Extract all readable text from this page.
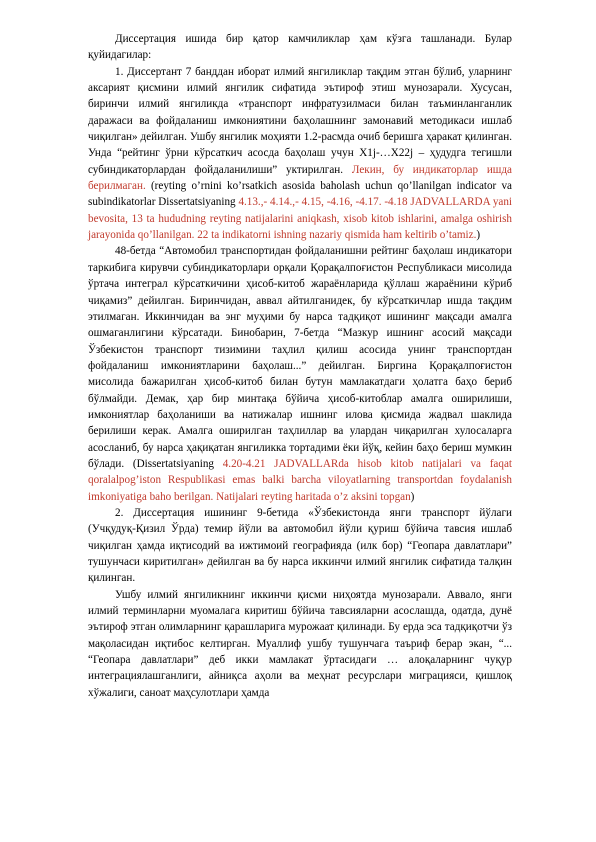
Диссертация ишида бир қатор камчиликлар ҳам кўзга ташланади. Булар қуйидагилар:

1. Диссертант 7 банддан иборат илмий янгиликлар тақдим этган бўлиб, уларнинг аксарият қисмини илмий янгилик сифатида эътироф этиш мунозарали. Хусусан, биринчи илмий янгиликда «транспорт инфратузилмаси билан таъминланганлик даражаси ва фойдаланиш имкониятини баҳолашнинг замонавий методикаси ишлаб чиқилган» дейилган. Ушбу янгилик моҳияти 1.2-расмда очиб беришга ҳаракат қилинган. Унда “рейтинг ўрни кўрсаткич асосда баҳолаш учун X1j-…X22j – ҳудудга тегишли субиндикаторлардан фойдаланилиши” уктирилган. Лекин, бу индикаторлар ишда берилмаган. (reyting o’rnini ko’rsatkich asosida baholash uchun qo’llanilgan indicator va subindikatorlar Dissertatsiyaning 4.13.,- 4.14.,- 4.15, -4.16, -4.17. -4.18 JADVALLARDA yani bevosita, 13 ta hududning reyting natijalarini aniqkash, xisob kitob ishlarini, amalga oshirish jarayonida qo’llanilgan. 22 ta indikatorni ishning nazariy qismida ham keltirib o’tamiz.)

48-бетда “Автомобил транспортидан фойдаланишни рейтинг баҳолаш индикатори таркибига кирувчи субиндикаторлари орқали Қорақалпоғистон Республикаси мисолида ўртача интеграл кўрсаткичини ҳисоб-китоб жараёнларида қўллаш жараёнини кўриб чиқамиз” дейилган. Биринчидан, аввал айтилганидек, бу кўрсаткичлар ишда тақдим этилмаган. Иккинчидан ва энг муҳими бу нарса тадқиқот ишининг мақсади амалга ошмаганлигини кўрсатади. Бинобарин, 7-бетда “Мазкур ишнинг асосий мақсади Ўзбекистон транспорт тизимини таҳлил қилиш асосида унинг транспортдан фойдаланиш имкониятларини баҳолаш...” дейилган. Биргина Қорақалпоғистон мисолида бажарилган ҳисоб-китоб билан бутун мамлакатдаги ҳолатга баҳо бериб бўлмайди. Демак, ҳар бир минтақа бўйича ҳисоб-китоблар амалга оширилиши, имкониятлар баҳоланиши ва натижалар ишнинг илова қисмида жадвал шаклида берилиши керак. Амалга оширилган таҳлиллар ва улардан чиқарилган хулосаларга асосланиб, бу нарса ҳақиқатан янгиликка тортадими ёки йўқ, кейин баҳо бериш мумкин бўлади. (Dissertatsiyaning 4.20-4.21 JADVALLARda hisob kitob natijalari va faqat qoralalpog’iston Respublikasi emas balki barcha viloyatlarning transportdan foydalanish imkoniyatiga baho berilgan. Natijalari reyting haritada o’z aksini topgan)

2. Диссертация ишининг 9-бетида «Ўзбекистонда янги транспорт йўлаги (Учқудуқ-Қизил Ўрда) темир йўли ва автомобил йўли қуриш бўйича тавсия ишлаб чиқилган ҳамда иқтисодий ва ижтимоий географияда (илк бор) “Геопара давлатлари” тушунчаси киритилган» дейилган ва бу нарса иккинчи илмий янгилик сифатида талқин қилинган.

Ушбу илмий янгиликнинг иккинчи қисми ниҳоятда мунозарали. Аввало, янги илмий терминларни муомалага киритиш бўйича тавсияларни асослашда, одатда, дунё эътироф этган олимларнинг қарашларига мурожаат қилинади. Бу ерда эса тадқиқотчи ўз мақоласидан иқтибос келтирган. Муаллиф ушбу тушунчага таъриф берар экан, “... “Геопара давлатлари” деб икки мамлакат ўртасидаги … алоқаларнинг чуқур интеграциялашганлиги, айниқса аҳоли ва меҳнат ресурслари миграцияси, қишлоқ хўжалиги, саноат маҳсулотлари ҳамда
